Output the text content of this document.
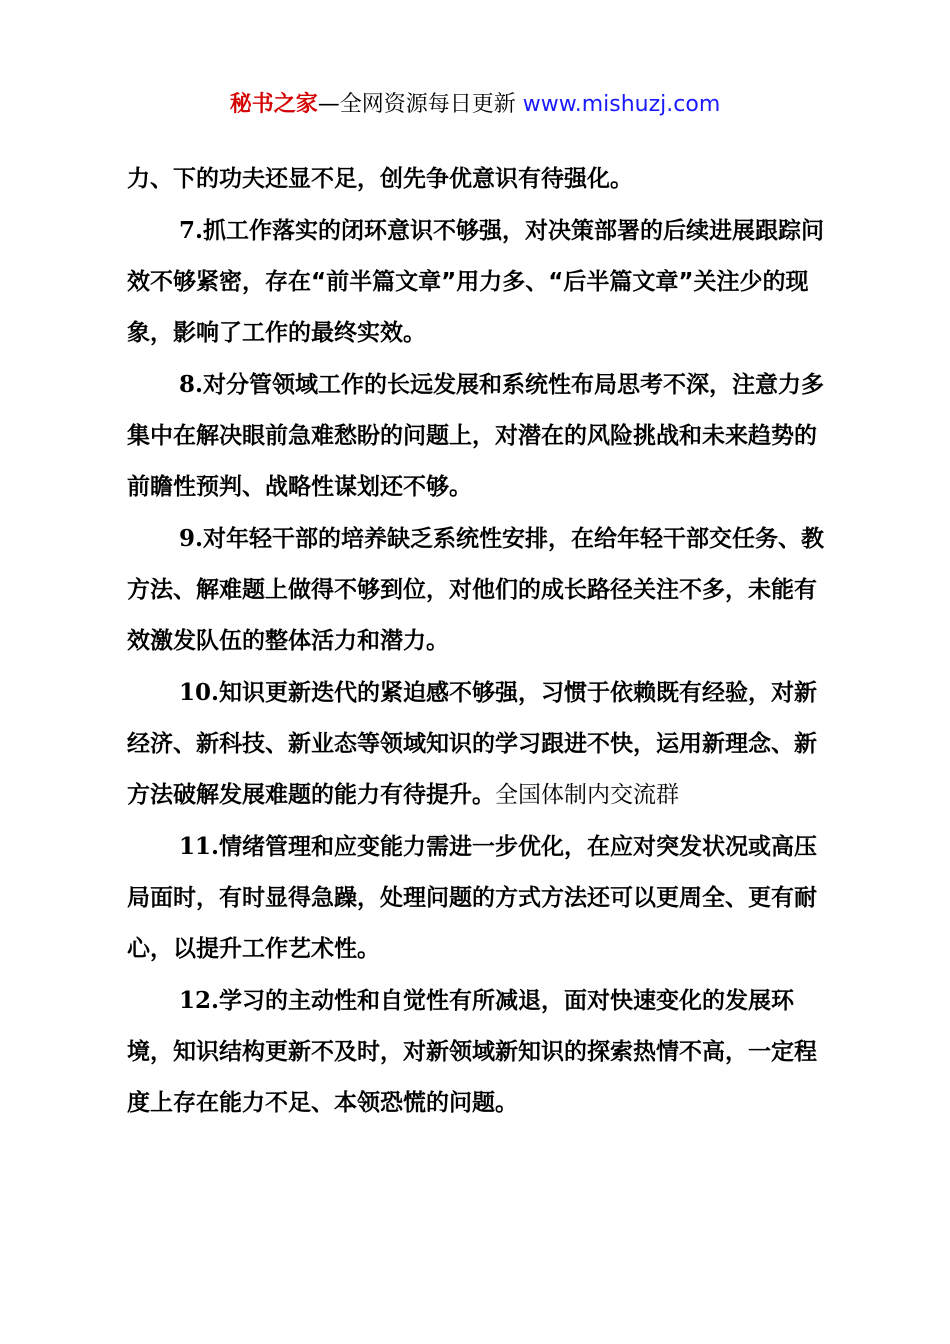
秘书之家—全网资源每日更新 www.mishuzj.com

力、下的功夫还显不足，创先争优意识有待强化。

7.抓工作落实的闭环意识不够强，对决策部署的后续进展跟踪问效不够紧密，存在“前半篇文章”用力多、“后半篇文章”关注少的现象，影响了工作的最终实效。

8.对分管领域工作的长远发展和系统性布局思考不深，注意力多集中在解决眼前急难愁盼的问题上，对潜在的风险挑战和未来趋势的前瞻性预判、战略性谋划还不够。

9.对年轻干部的培养缺乏系统性安排，在给年轻干部交任务、教方法、解难题上做得不够到位，对他们的成长路径关注不多，未能有效激发队伍的整体活力和潜力。

10.知识更新迭代的紧迫感不够强，习惯于依赖既有经验，对新经济、新科技、新业态等领域知识的学习跟进不快，运用新理念、新方法破解发展难题的能力有待提升。全国体制内交流群

11.情绪管理和应变能力需进一步优化，在应对突发状况或高压局面时，有时显得急躁，处理问题的方式方法还可以更周全、更有耐心，以提升工作艺术性。

12.学习的主动性和自觉性有所减退，面对快速变化的发展环境，知识结构更新不及时，对新领域新知识的探索热情不高，一定程度上存在能力不足、本领恐慌的问题。
